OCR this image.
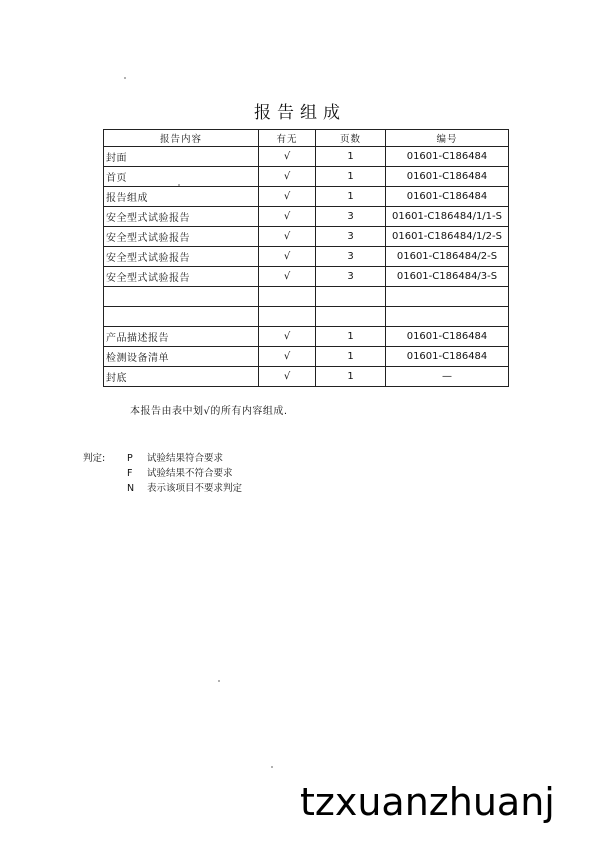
报告组成
报告内容	有无	页数	编号
封面	√	1	01601-C186484
首页	√	1	01601-C186484
报告组成	√	1	01601-C186484
安全型式试验报告	√	3	01601-C186484/1/1-S
安全型式试验报告	√	3	01601-C186484/1/2-S
安全型式试验报告	√	3	01601-C186484/2-S
安全型式试验报告	√	3	01601-C186484/3-S

产品描述报告	√	1	01601-C186484
检测设备清单	√	1	01601-C186484
封底	√	1	—
本报告由表中划√的所有内容组成.
判定:	P 试验结果符合要求
F 试验结果不符合要求
N 表示该项目不要求判定
tzxuanzhuanj
